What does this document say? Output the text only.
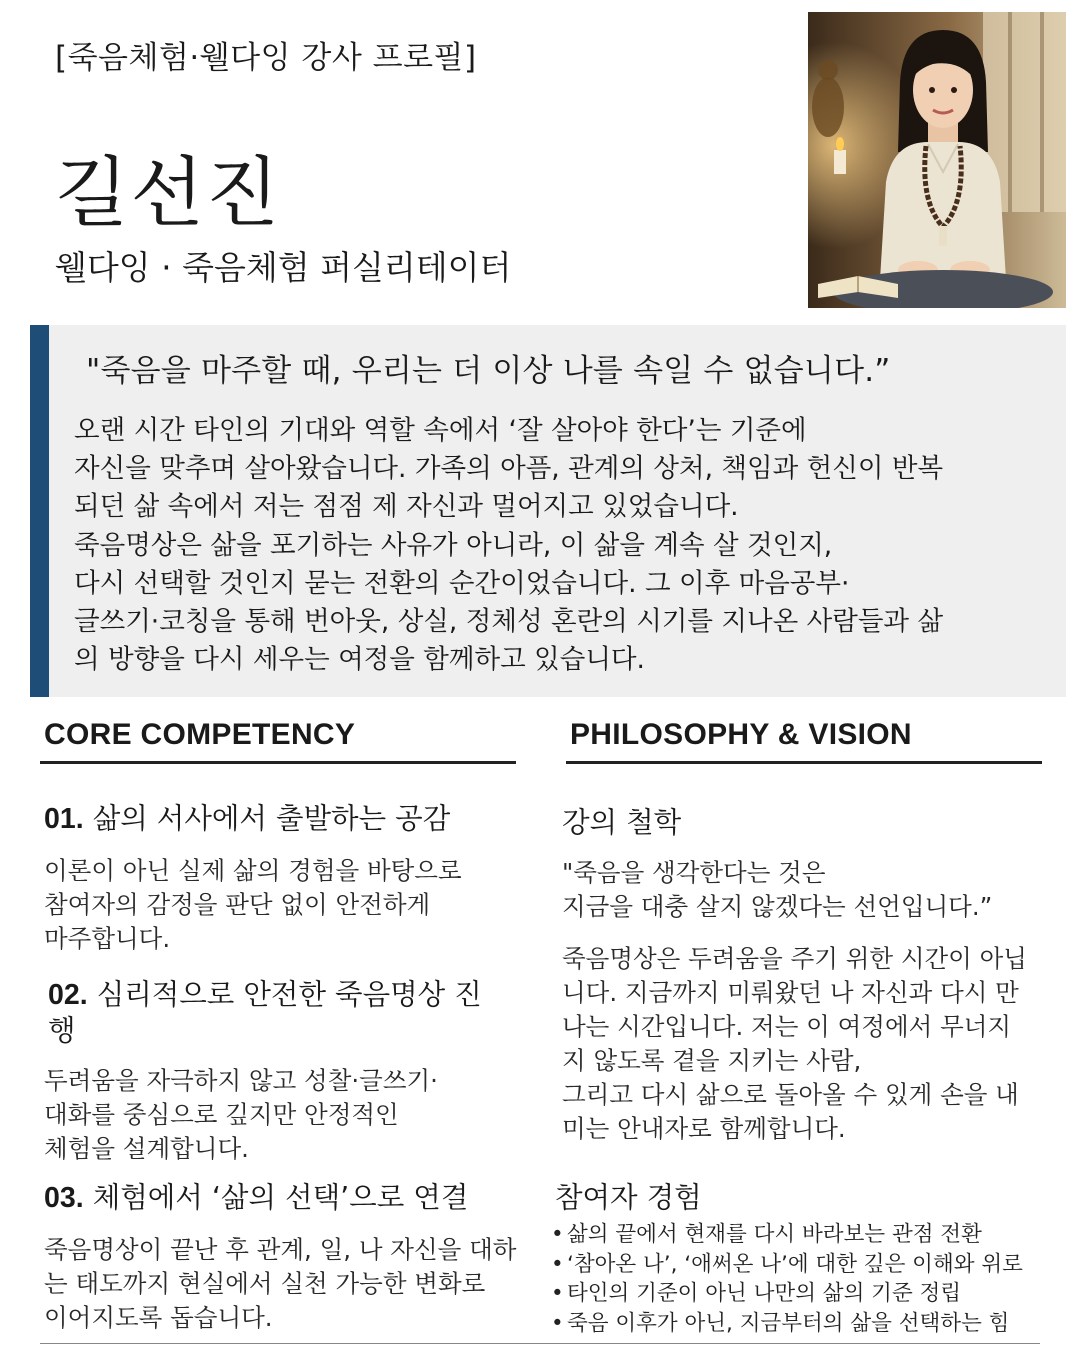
[죽음체험·웰다잉 강사 프로필]
길선진
웰다잉 · 죽음체험 퍼실리테이터
"죽음을 마주할 때, 우리는 더 이상 나를 속일 수 없습니다.”
오랜 시간 타인의 기대와 역할 속에서 ‘잘 살아야 한다’는 기준에
자신을 맞추며 살아왔습니다. 가족의 아픔, 관계의 상처, 책임과 헌신이 반복
되던 삶 속에서 저는 점점 제 자신과 멀어지고 있었습니다.
죽음명상은 삶을 포기하는 사유가 아니라, 이 삶을 계속 살 것인지,
다시 선택할 것인지 묻는 전환의 순간이었습니다. 그 이후 마음공부·
글쓰기·코칭을 통해 번아웃, 상실, 정체성 혼란의 시기를 지나온 사람들과 삶
의 방향을 다시 세우는 여정을 함께하고 있습니다.
CORE COMPETENCY	PHILOSOPHY & VISION
01. 삶의 서사에서 출발하는 공감
이론이 아닌 실제 삶의 경험을 바탕으로
참여자의 감정을 판단 없이 안전하게
마주합니다.
02. 심리적으로 안전한 죽음명상 진
행
두려움을 자극하지 않고 성찰·글쓰기·
대화를 중심으로 깊지만 안정적인
체험을 설계합니다.
03. 체험에서 ‘삶의 선택’으로 연결
죽음명상이 끝난 후 관계, 일, 나 자신을 대하
는 태도까지 현실에서 실천 가능한 변화로
이어지도록 돕습니다.
강의 철학
"죽음을 생각한다는 것은
지금을 대충 살지 않겠다는 선언입니다.”
죽음명상은 두려움을 주기 위한 시간이 아닙
니다. 지금까지 미뤄왔던 나 자신과 다시 만
나는 시간입니다. 저는 이 여정에서 무너지
지 않도록 곁을 지키는 사람,
그리고 다시 삶으로 돌아올 수 있게 손을 내
미는 안내자로 함께합니다.
참여자 경험
• 삶의 끝에서 현재를 다시 바라보는 관점 전환
• ‘참아온 나’, ‘애써온 나’에 대한 깊은 이해와 위로
• 타인의 기준이 아닌 나만의 삶의 기준 정립
• 죽음 이후가 아닌, 지금부터의 삶을 선택하는 힘
